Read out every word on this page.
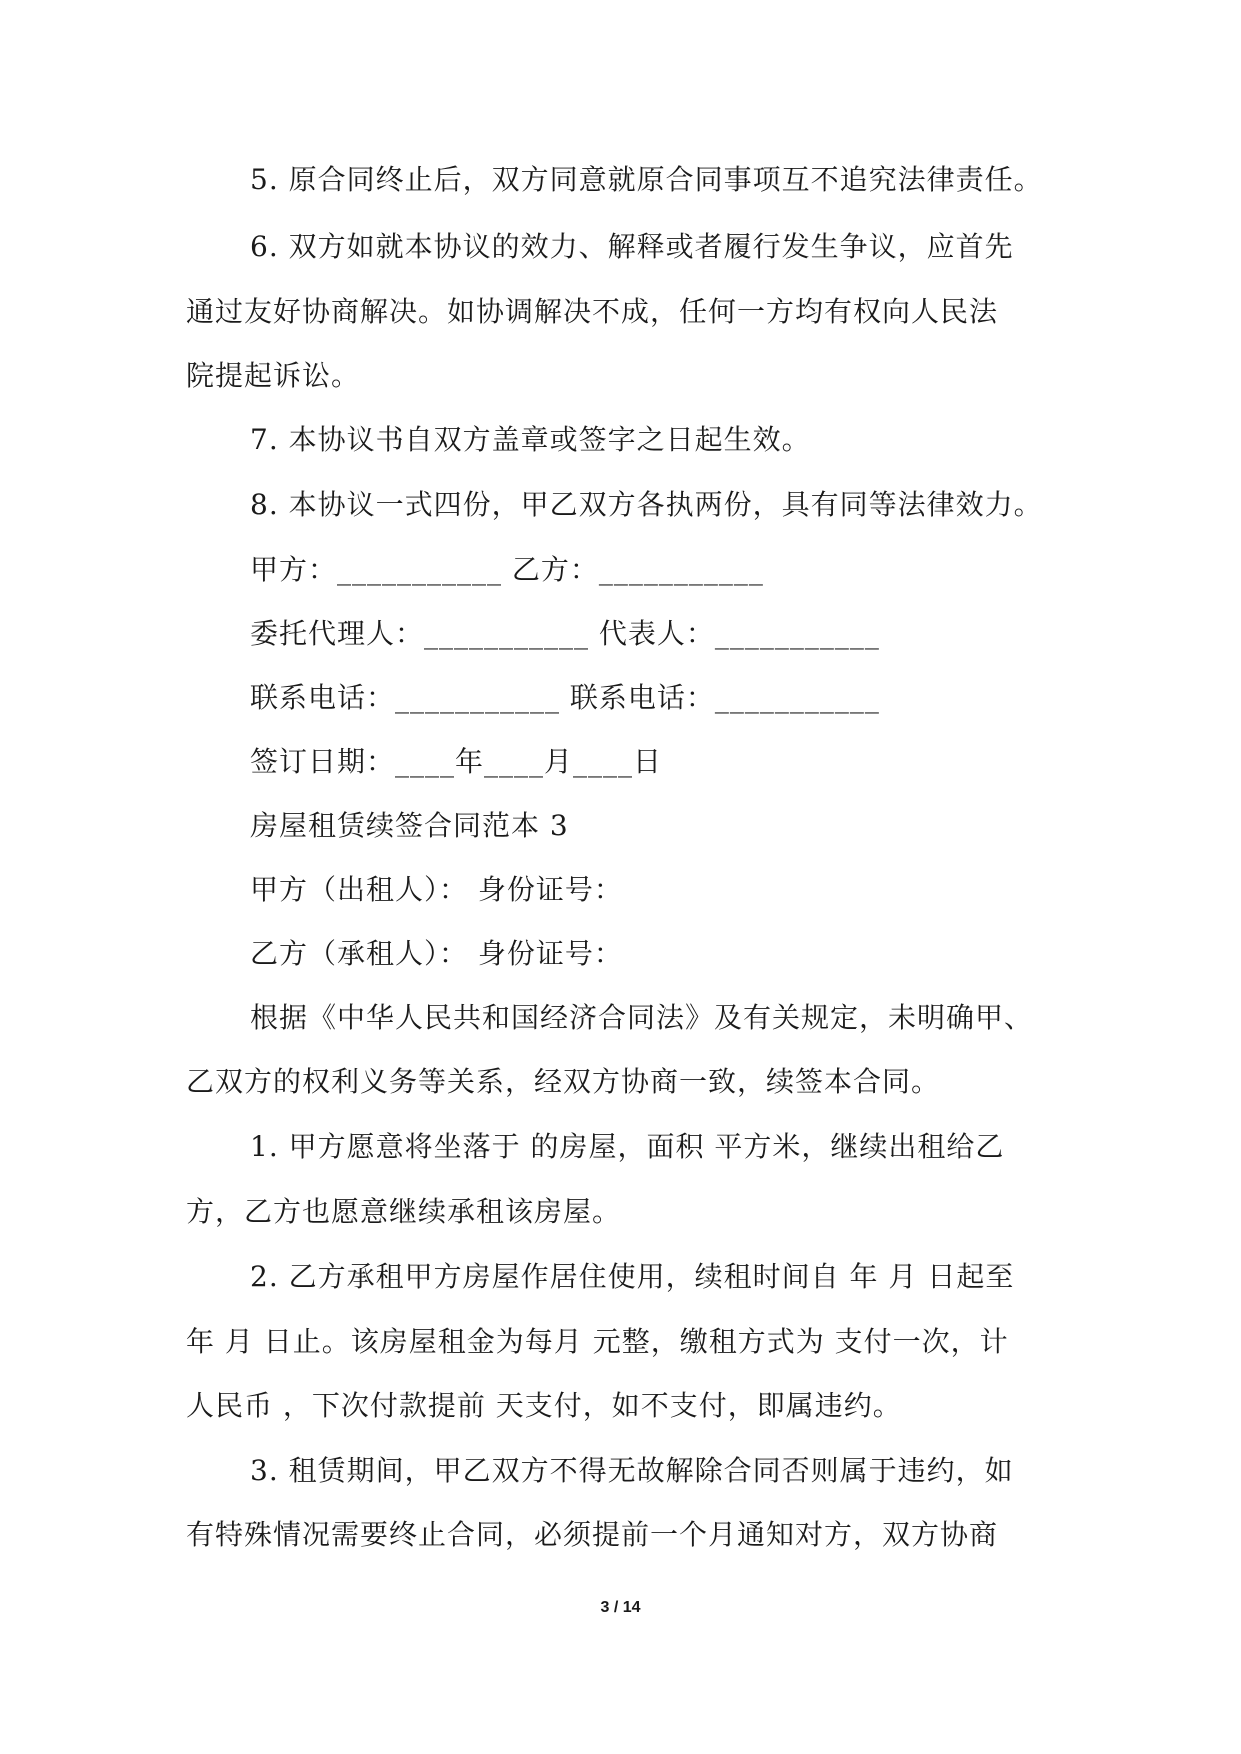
5. 原合同终止后，双方同意就原合同事项互不追究法律责任。
6. 双方如就本协议的效力、解释或者履行发生争议，应首先
通过友好协商解决。如协调解决不成，任何一方均有权向人民法
院提起诉讼。
7. 本协议书自双方盖章或签字之日起生效。
8. 本协议一式四份，甲乙双方各执两份，具有同等法律效力。
甲方：___________ 乙方：___________
委托代理人：___________ 代表人：___________
联系电话：___________ 联系电话：___________
签订日期：____年____月____日
房屋租赁续签合同范本 3
甲方（出租人）： 身份证号：
乙方（承租人）： 身份证号：
根据《中华人民共和国经济合同法》及有关规定，未明确甲、
乙双方的权利义务等关系，经双方协商一致，续签本合同。
1. 甲方愿意将坐落于 的房屋，面积 平方米，继续出租给乙
方，乙方也愿意继续承租该房屋。
2. 乙方承租甲方房屋作居住使用，续租时间自 年 月 日起至
年 月 日止。该房屋租金为每月 元整，缴租方式为 支付一次，计
人民币 ，下次付款提前 天支付，如不支付，即属违约。
3. 租赁期间，甲乙双方不得无故解除合同否则属于违约，如
有特殊情况需要终止合同，必须提前一个月通知对方，双方协商
3 / 14
